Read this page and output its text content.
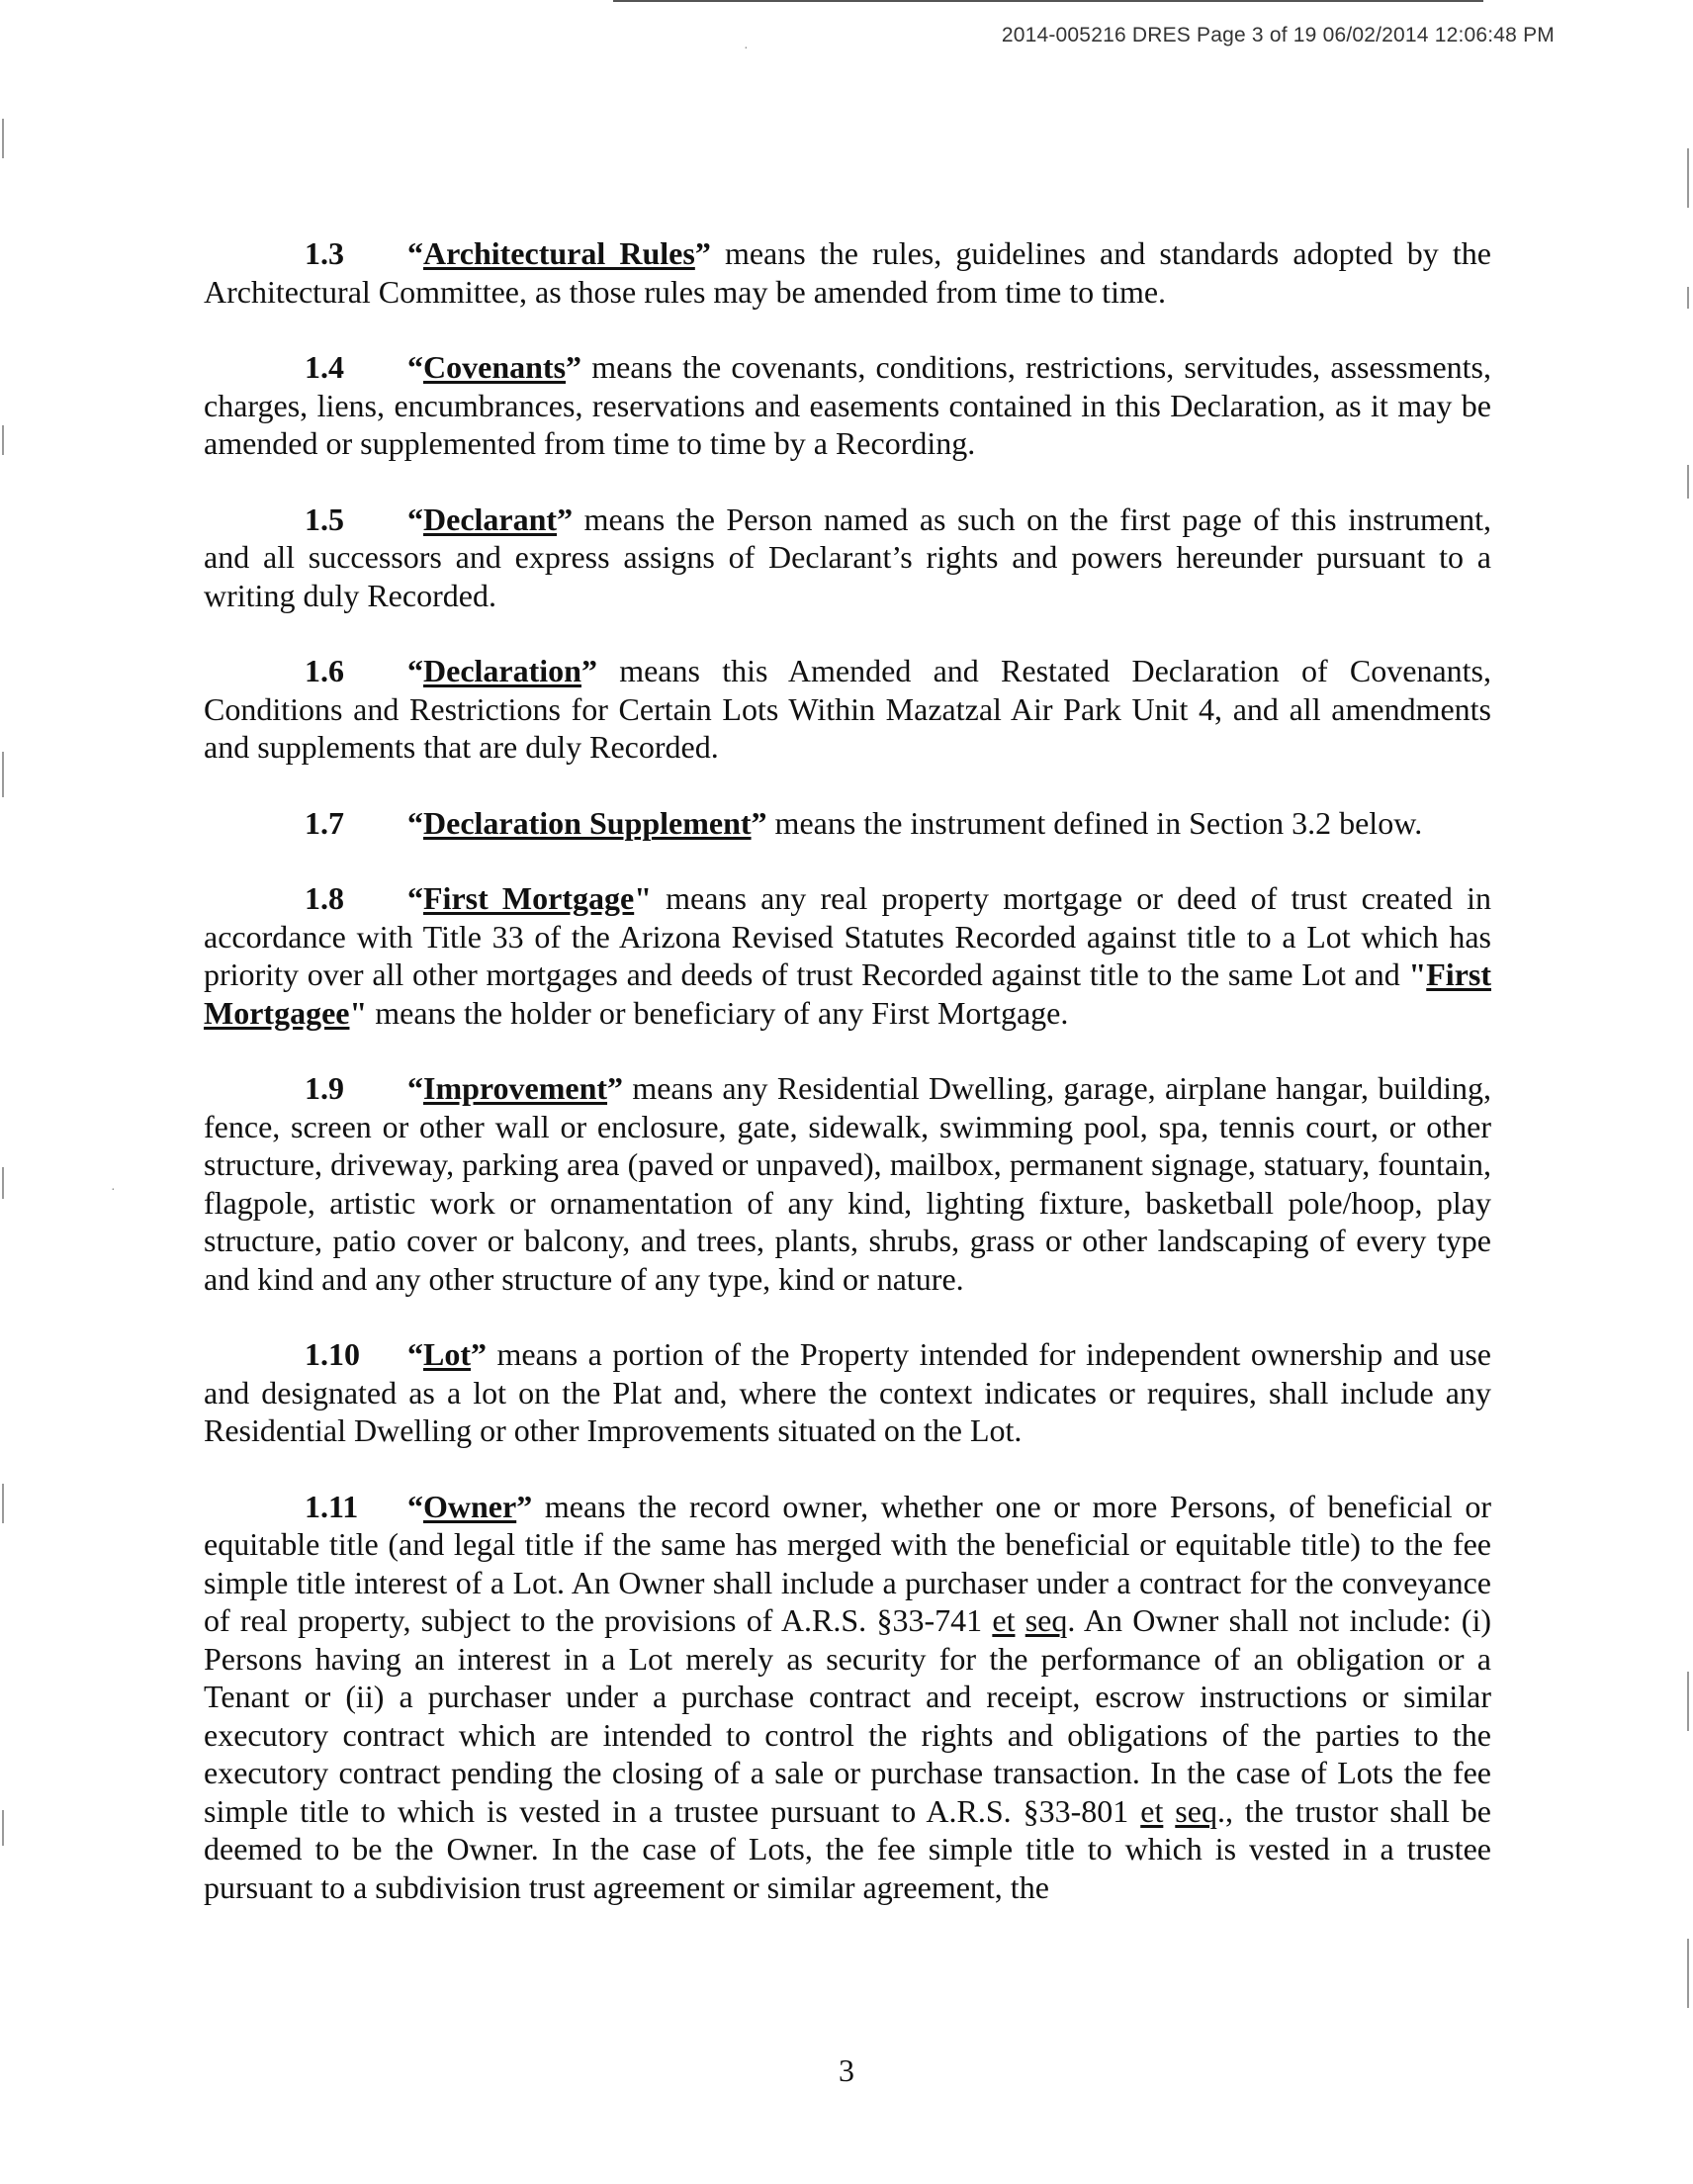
2014-005216 DRES Page 3 of 19 06/02/2014 12:06:48 PM

1.3 “Architectural Rules” means the rules, guidelines and standards adopted by the Architectural Committee, as those rules may be amended from time to time.

1.4 “Covenants” means the covenants, conditions, restrictions, servitudes, assessments, charges, liens, encumbrances, reservations and easements contained in this Declaration, as it may be amended or supplemented from time to time by a Recording.

1.5 “Declarant” means the Person named as such on the first page of this instrument, and all successors and express assigns of Declarant’s rights and powers hereunder pursuant to a writing duly Recorded.

1.6 “Declaration” means this Amended and Restated Declaration of Covenants, Conditions and Restrictions for Certain Lots Within Mazatzal Air Park Unit 4, and all amendments and supplements that are duly Recorded.

1.7 “Declaration Supplement” means the instrument defined in Section 3.2 below.

1.8 “First Mortgage" means any real property mortgage or deed of trust created in accordance with Title 33 of the Arizona Revised Statutes Recorded against title to a Lot which has priority over all other mortgages and deeds of trust Recorded against title to the same Lot and "First Mortgagee" means the holder or beneficiary of any First Mortgage.

1.9 “Improvement” means any Residential Dwelling, garage, airplane hangar, building, fence, screen or other wall or enclosure, gate, sidewalk, swimming pool, spa, tennis court, or other structure, driveway, parking area (paved or unpaved), mailbox, permanent signage, statuary, fountain, flagpole, artistic work or ornamentation of any kind, lighting fixture, basketball pole/hoop, play structure, patio cover or balcony, and trees, plants, shrubs, grass or other landscaping of every type and kind and any other structure of any type, kind or nature.

1.10 “Lot” means a portion of the Property intended for independent ownership and use and designated as a lot on the Plat and, where the context indicates or requires, shall include any Residential Dwelling or other Improvements situated on the Lot.

1.11 “Owner” means the record owner, whether one or more Persons, of beneficial or equitable title (and legal title if the same has merged with the beneficial or equitable title) to the fee simple title interest of a Lot. An Owner shall include a purchaser under a contract for the conveyance of real property, subject to the provisions of A.R.S. §33-741 et seq. An Owner shall not include: (i) Persons having an interest in a Lot merely as security for the performance of an obligation or a Tenant or (ii) a purchaser under a purchase contract and receipt, escrow instructions or similar executory contract which are intended to control the rights and obligations of the parties to the executory contract pending the closing of a sale or purchase transaction. In the case of Lots the fee simple title to which is vested in a trustee pursuant to A.R.S. §33-801 et seq., the trustor shall be deemed to be the Owner. In the case of Lots, the fee simple title to which is vested in a trustee pursuant to a subdivision trust agreement or similar agreement, the

·
·
3
